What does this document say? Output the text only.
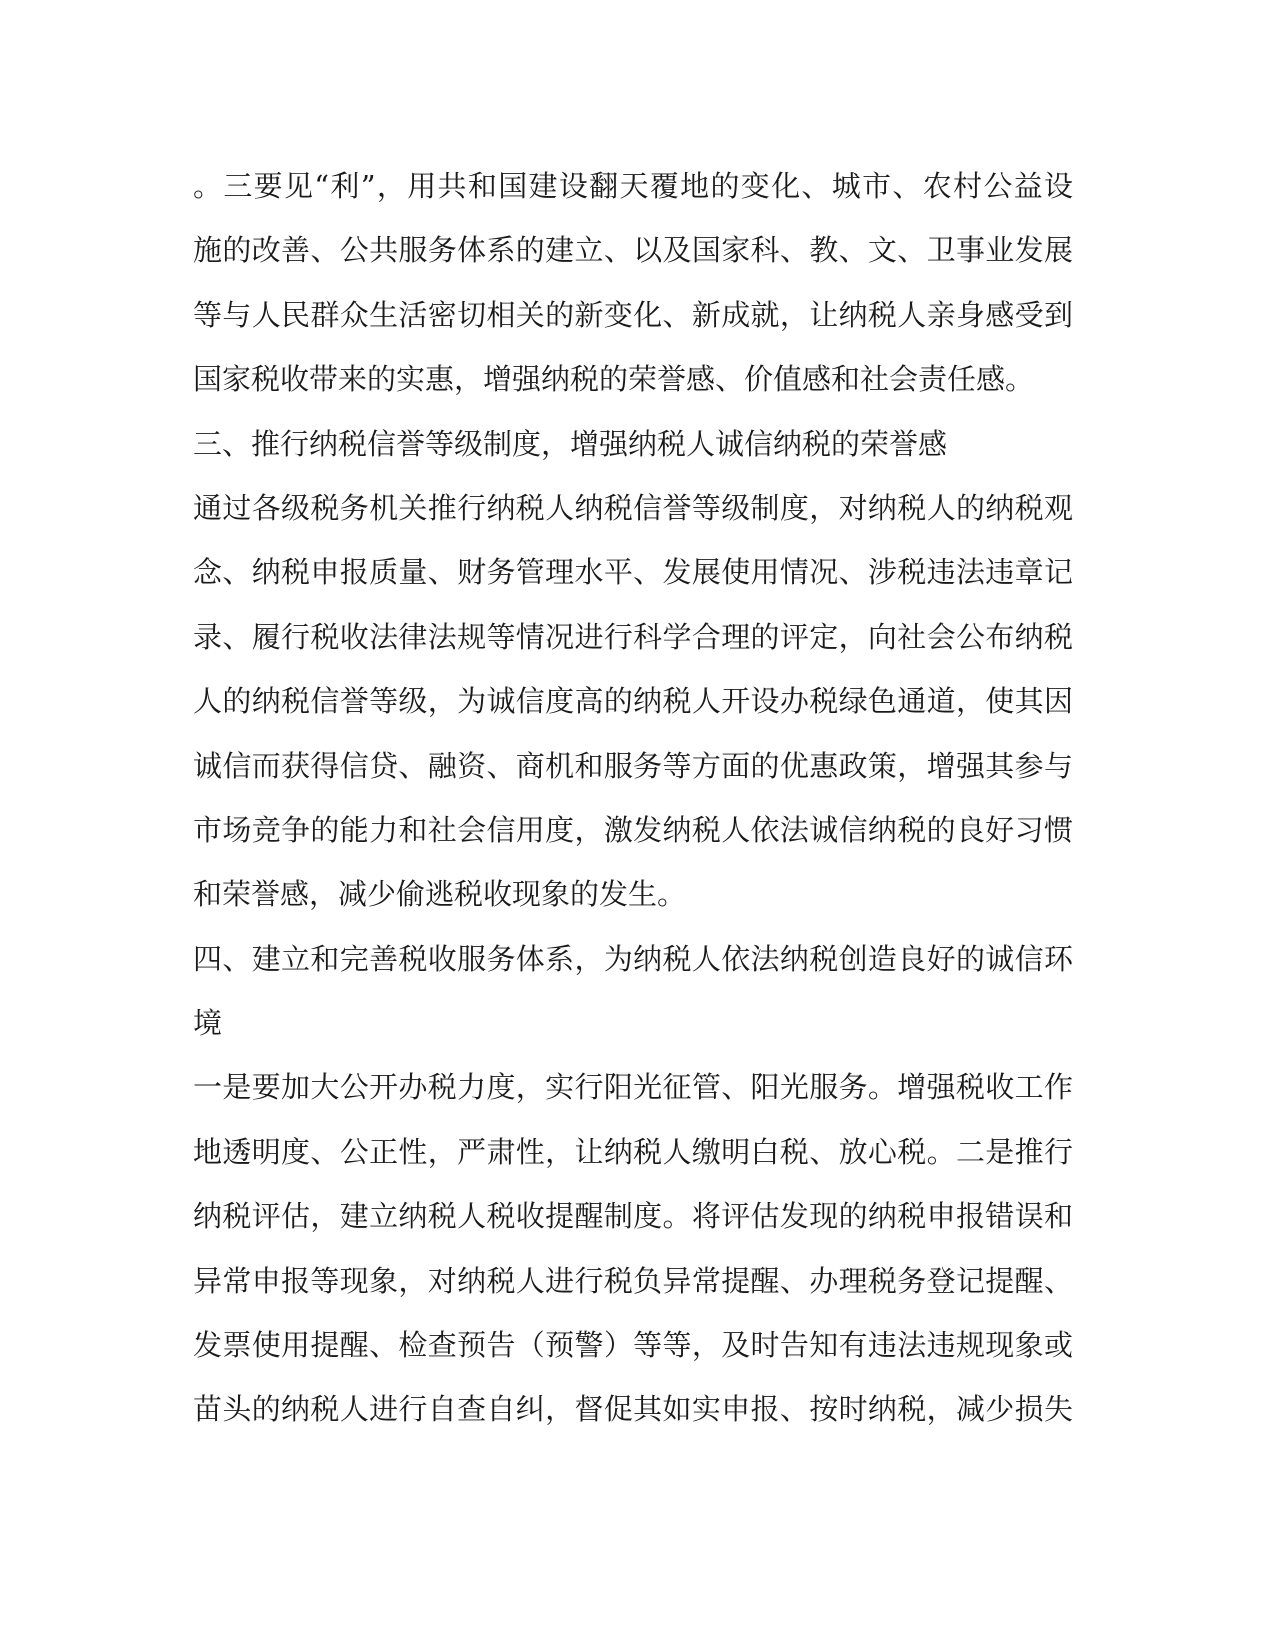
。三要见“利”，用共和国建设翻天覆地的变化、城市、农村公益设
施的改善、公共服务体系的建立、以及国家科、教、文、卫事业发展
等与人民群众生活密切相关的新变化、新成就，让纳税人亲身感受到
国家税收带来的实惠，增强纳税的荣誉感、价值感和社会责任感。
三、推行纳税信誉等级制度，增强纳税人诚信纳税的荣誉感
通过各级税务机关推行纳税人纳税信誉等级制度，对纳税人的纳税观
念、纳税申报质量、财务管理水平、发展使用情况、涉税违法违章记
录、履行税收法律法规等情况进行科学合理的评定，向社会公布纳税
人的纳税信誉等级，为诚信度高的纳税人开设办税绿色通道，使其因
诚信而获得信贷、融资、商机和服务等方面的优惠政策，增强其参与
市场竞争的能力和社会信用度，激发纳税人依法诚信纳税的良好习惯
和荣誉感，减少偷逃税收现象的发生。
四、建立和完善税收服务体系，为纳税人依法纳税创造良好的诚信环
境
一是要加大公开办税力度，实行阳光征管、阳光服务。增强税收工作
地透明度、公正性，严肃性，让纳税人缴明白税、放心税。二是推行
纳税评估，建立纳税人税收提醒制度。将评估发现的纳税申报错误和
异常申报等现象，对纳税人进行税负异常提醒、办理税务登记提醒、
发票使用提醒、检查预告（预警）等等，及时告知有违法违规现象或
苗头的纳税人进行自查自纠，督促其如实申报、按时纳税，减少损失
